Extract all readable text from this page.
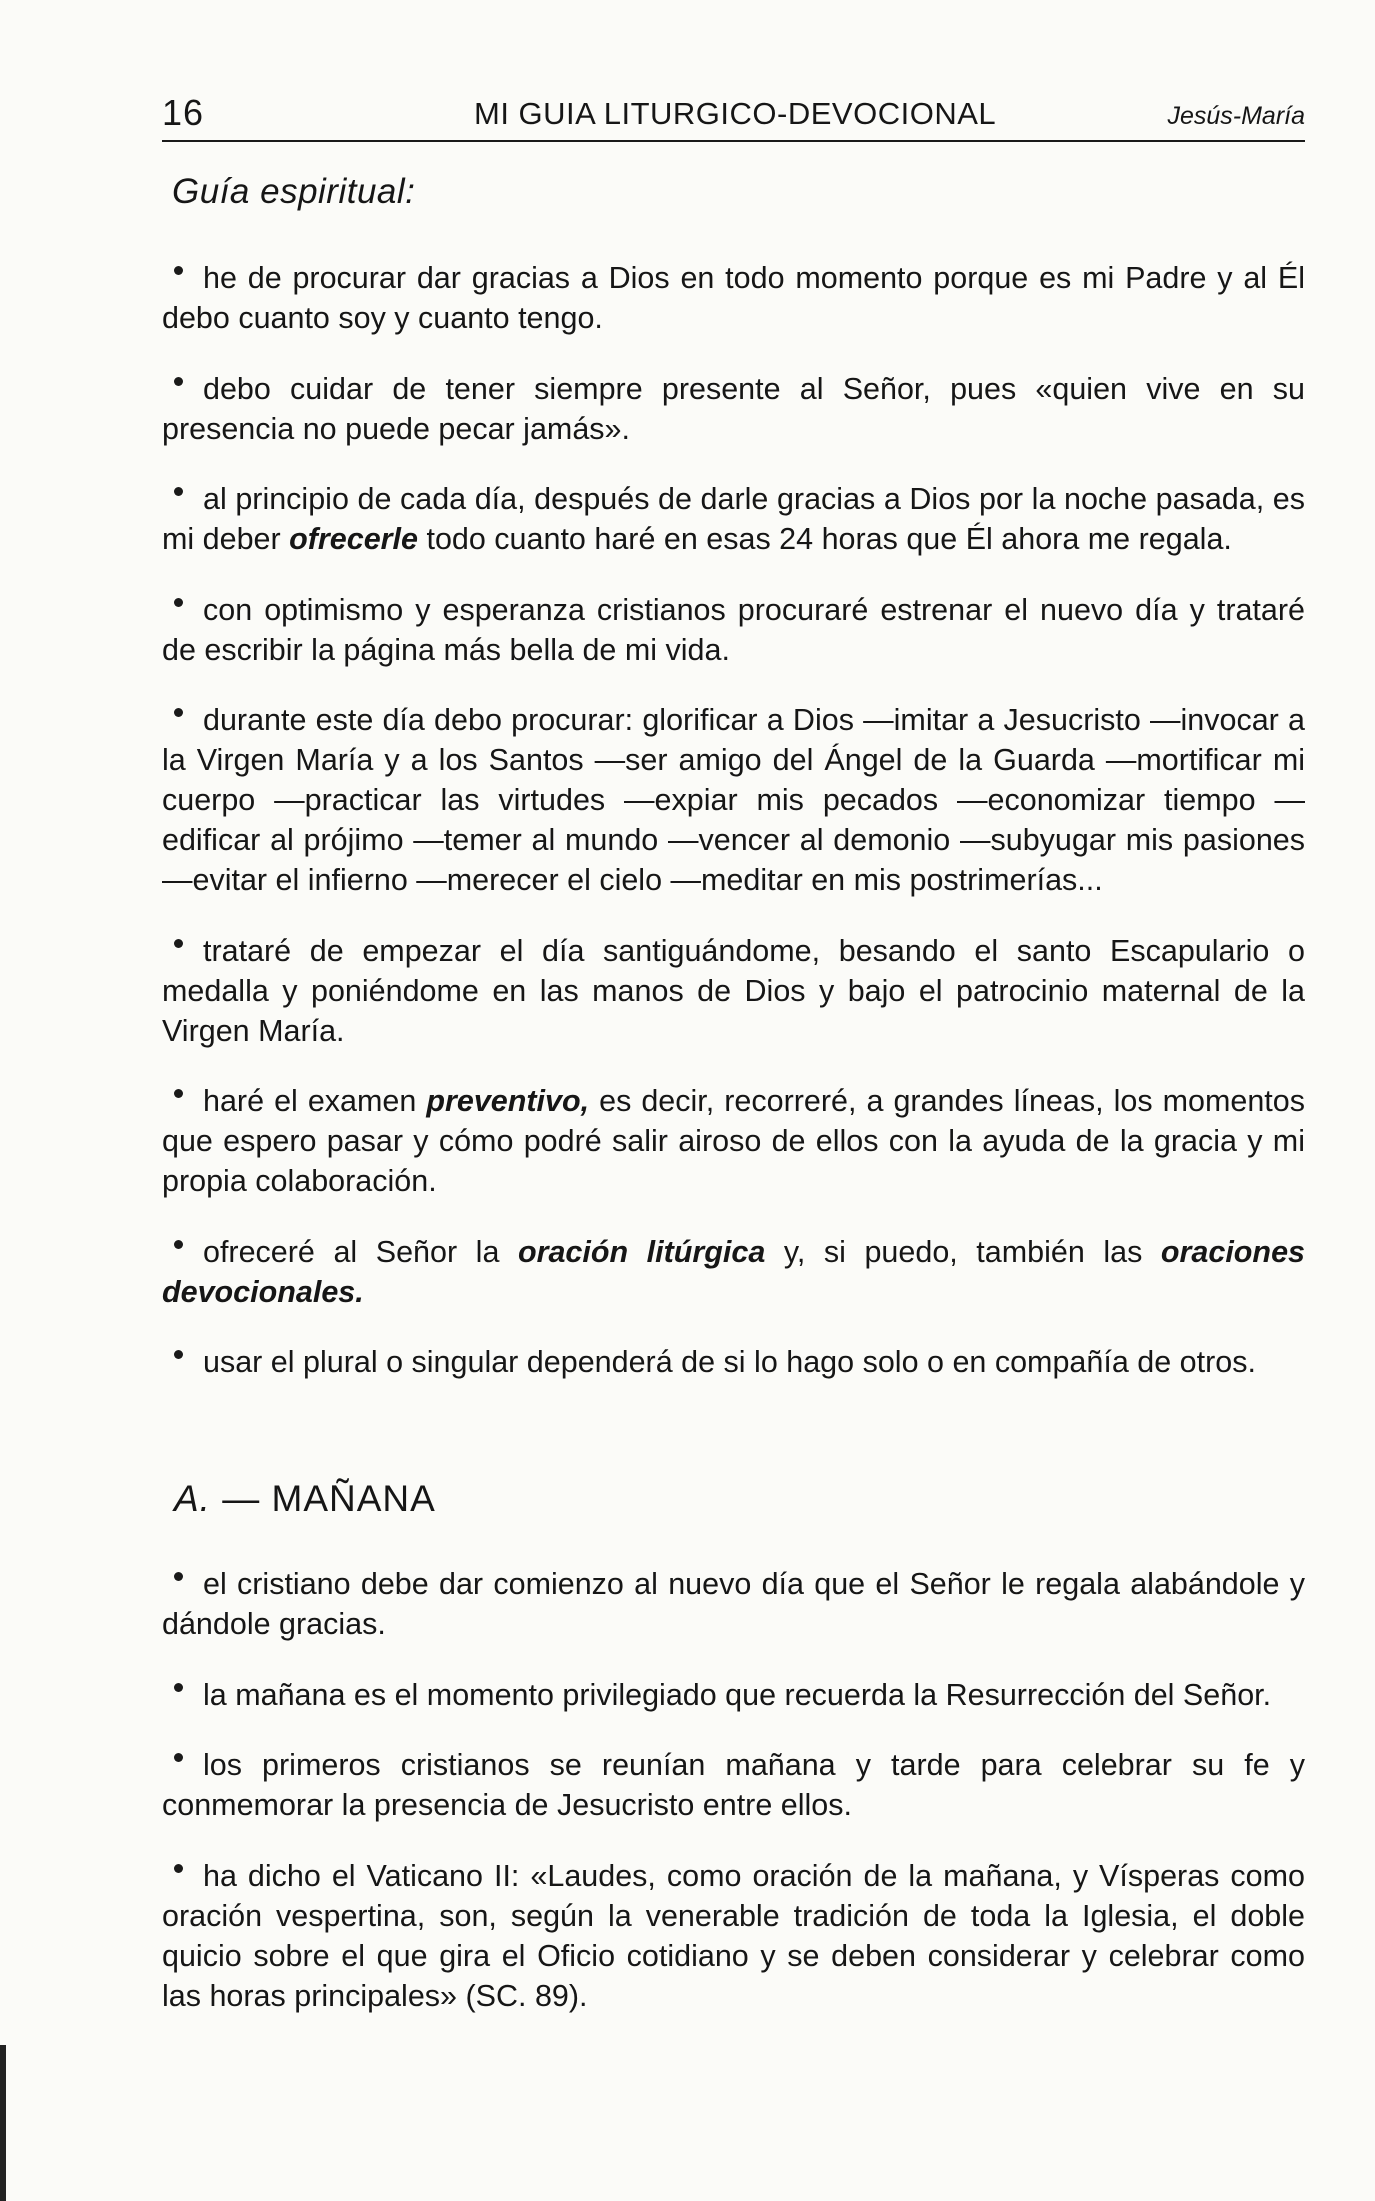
16	MI GUIA LITURGICO-DEVOCIONAL	Jesús-María
Guía espiritual:

he de procurar dar gracias a Dios en todo momento porque es mi Padre y al Él debo cuanto soy y cuanto tengo.

debo cuidar de tener siempre presente al Señor, pues «quien vive en su presencia no puede pecar jamás».

al principio de cada día, después de darle gracias a Dios por la noche pasada, es mi deber ofrecerle todo cuanto haré en esas 24 horas que Él ahora me regala.

con optimismo y esperanza cristianos procuraré estrenar el nuevo día y trataré de escribir la página más bella de mi vida.

durante este día debo procurar: glorificar a Dios —imitar a Jesucristo —invocar a la Virgen María y a los Santos —ser amigo del Ángel de la Guarda —mortificar mi cuerpo —practicar las virtudes —expiar mis pecados —economizar tiempo —edificar al prójimo —temer al mundo —vencer al demonio —subyugar mis pasiones —evitar el infierno —merecer el cielo —meditar en mis postrimerías...

trataré de empezar el día santiguándome, besando el santo Escapulario o medalla y poniéndome en las manos de Dios y bajo el patrocinio maternal de la Virgen María.

haré el examen preventivo, es decir, recorreré, a grandes líneas, los momentos que espero pasar y cómo podré salir airoso de ellos con la ayuda de la gracia y mi propia colaboración.

ofreceré al Señor la oración litúrgica y, si puedo, también las oraciones devocionales.

usar el plural o singular dependerá de si lo hago solo o en compañía de otros.

A. — MAÑANA

el cristiano debe dar comienzo al nuevo día que el Señor le regala alabándole y dándole gracias.

la mañana es el momento privilegiado que recuerda la Resurrección del Señor.

los primeros cristianos se reunían mañana y tarde para celebrar su fe y conmemorar la presencia de Jesucristo entre ellos.

ha dicho el Vaticano II: «Laudes, como oración de la mañana, y Vísperas como oración vespertina, son, según la venerable tradición de toda la Iglesia, el doble quicio sobre el que gira el Oficio cotidiano y se deben considerar y celebrar como las horas principales» (SC. 89).
